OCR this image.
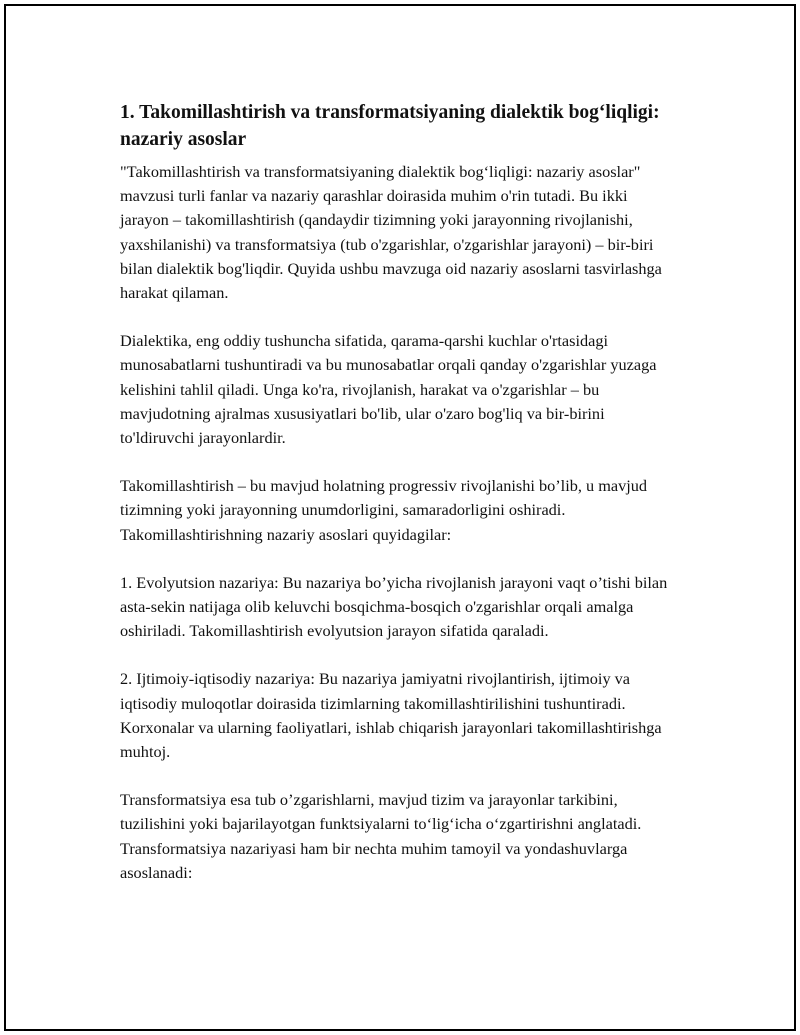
1. Takomillashtirish va transformatsiyaning dialektik bog‘liqligi: nazariy asoslar

"Takomillashtirish va transformatsiyaning dialektik bog‘liqligi: nazariy asoslar" mavzusi turli fanlar va nazariy qarashlar doirasida muhim o'rin tutadi. Bu ikki jarayon – takomillashtirish (qandaydir tizimning yoki jarayonning rivojlanishi, yaxshilanishi) va transformatsiya (tub o'zgarishlar, o'zgarishlar jarayoni) – bir-biri bilan dialektik bog'liqdir. Quyida ushbu mavzuga oid nazariy asoslarni tasvirlashga harakat qilaman.

Dialektika, eng oddiy tushuncha sifatida, qarama-qarshi kuchlar o'rtasidagi munosabatlarni tushuntiradi va bu munosabatlar orqali qanday o'zgarishlar yuzaga kelishini tahlil qiladi. Unga ko'ra, rivojlanish, harakat va o'zgarishlar – bu mavjudotning ajralmas xususiyatlari bo'lib, ular o'zaro bog'liq va bir-birini to'ldiruvchi jarayonlardir.

Takomillashtirish – bu mavjud holatning progressiv rivojlanishi bo’lib, u mavjud tizimning yoki jarayonning unumdorligini, samaradorligini oshiradi. Takomillashtirishning nazariy asoslari quyidagilar:

1. Evolyutsion nazariya: Bu nazariya bo’yicha rivojlanish jarayoni vaqt o’tishi bilan asta-sekin natijaga olib keluvchi bosqichma-bosqich o'zgarishlar orqali amalga oshiriladi. Takomillashtirish evolyutsion jarayon sifatida qaraladi.

2. Ijtimoiy-iqtisodiy nazariya: Bu nazariya jamiyatni rivojlantirish, ijtimoiy va iqtisodiy muloqotlar doirasida tizimlarning takomillashtirilishini tushuntiradi. Korxonalar va ularning faoliyatlari, ishlab chiqarish jarayonlari takomillashtirishga muhtoj.

Transformatsiya esa tub o’zgarishlarni, mavjud tizim va jarayonlar tarkibini, tuzilishini yoki bajarilayotgan funktsiyalarni to‘lig‘icha o‘zgartirishni anglatadi. Transformatsiya nazariyasi ham bir nechta muhim tamoyil va yondashuvlarga asoslanadi:
